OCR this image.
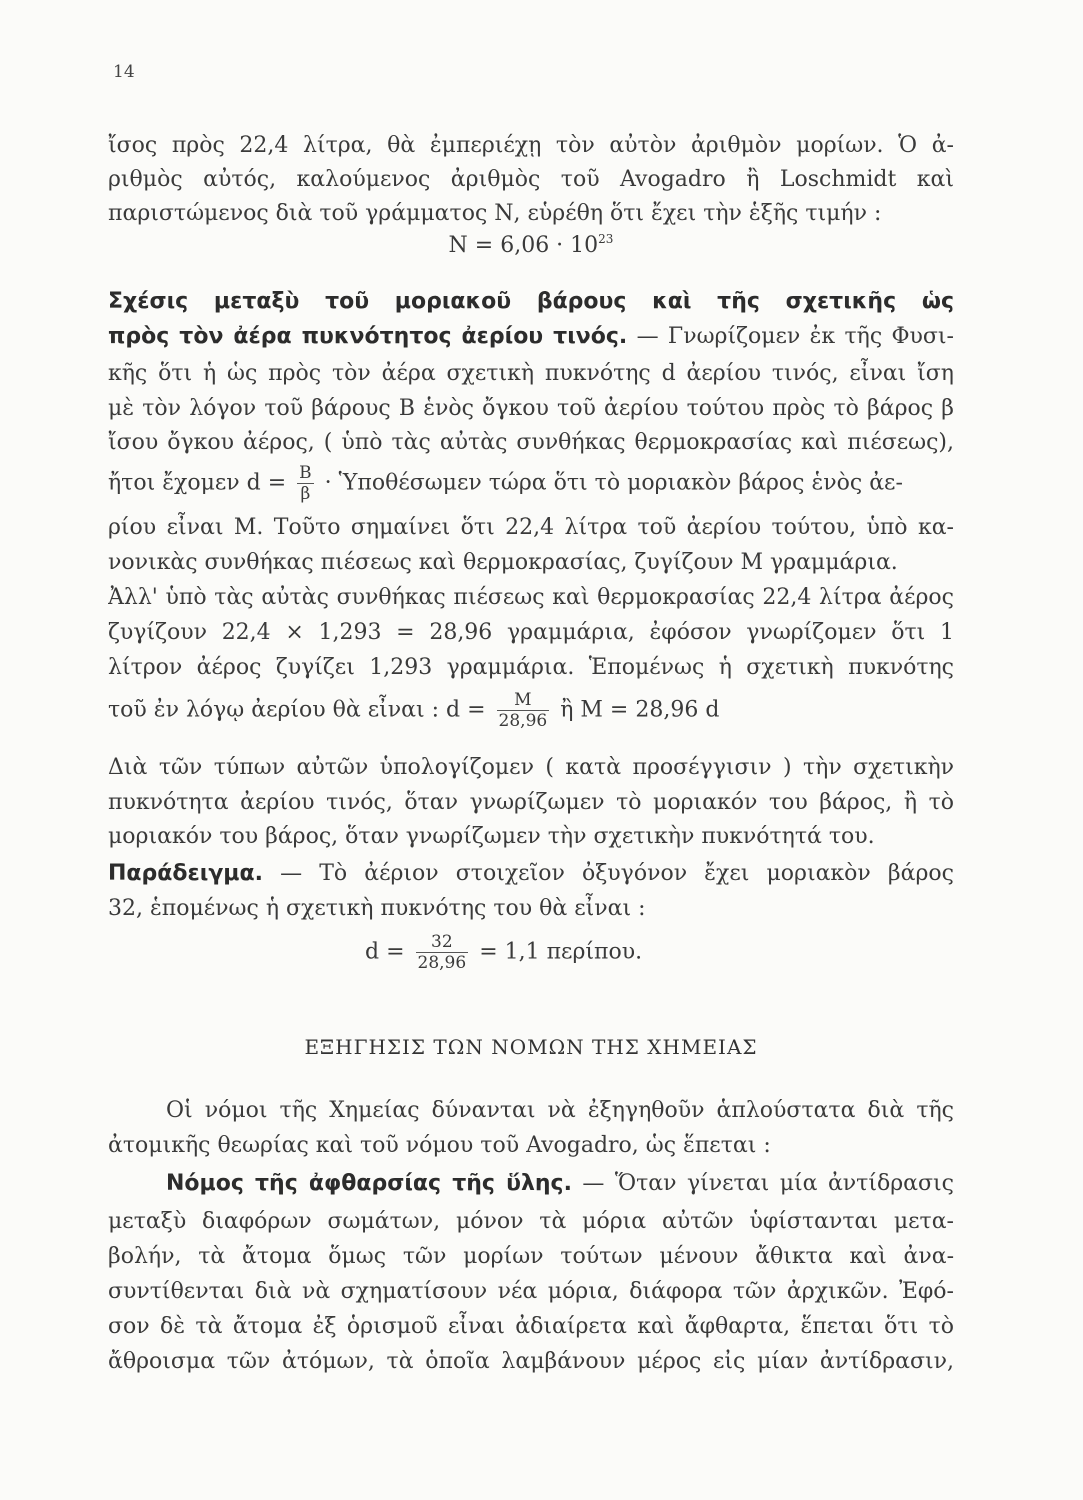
14
ἴσος πρὸς 22,4 λίτρα, θὰ ἐμπεριέχῃ τὸν αὐτὸν ἀριθμὸν μορίων. Ὁ ἀ-
ριθμὸς αὐτός, καλούμενος ἀριθμὸς τοῦ Avogadro ἢ Loschmidt καὶ
παριστώμενος διὰ τοῦ γράμματος Ν, εὑρέθη ὅτι ἔχει τὴν ἑξῆς τιμήν :
$N = 6,06 \cdot 10^{23}$
Σχέσις μεταξὺ τοῦ μοριακοῦ βάρους καὶ τῆς σχετικῆς ὡς
πρὸς τὸν ἀέρα πυκνότητος ἀερίου τινός. — Γνωρίζομεν ἐκ τῆς Φυσι-
κῆς ὅτι ἡ ὡς πρὸς τὸν ἀέρα σχετικὴ πυκνότης d ἀερίου τινός, εἶναι ἴση
μὲ τὸν λόγον τοῦ βάρους Β ἑνὸς ὄγκου τοῦ ἀερίου τούτου πρὸς τὸ βάρος β
ἴσου ὄγκου ἀέρος, ( ὑπὸ τὰς αὐτὰς συνθήκας θερμοκρασίας καὶ πιέσεως),
ἤτοι ἔχομεν $d = \frac{B}{\beta}$ · Ὑποθέσωμεν τώρα ὅτι τὸ μοριακὸν βάρος ἑνὸς ἀε-
ρίου εἶναι Μ. Τοῦτο σημαίνει ὅτι 22,4 λίτρα τοῦ ἀερίου τούτου, ὑπὸ κα-
νονικὰς συνθήκας πιέσεως καὶ θερμοκρασίας, ζυγίζουν Μ γραμμάρια.
Ἀλλ' ὑπὸ τὰς αὐτὰς συνθήκας πιέσεως καὶ θερμοκρασίας 22,4 λίτρα ἀέρος
ζυγίζουν 22,4 × 1,293 = 28,96 γραμμάρια, ἐφόσον γνωρίζομεν ὅτι 1
λίτρον ἀέρος ζυγίζει 1,293 γραμμάρια. Ἑπομένως ἡ σχετικὴ πυκνότης
τοῦ ἐν λόγῳ ἀερίου θὰ εἶναι : $d = \frac{M}{28,96}$ ἢ Μ = 28,96 d
Διὰ τῶν τύπων αὐτῶν ὑπολογίζομεν ( κατὰ προσέγγισιν ) τὴν σχετικὴν
πυκνότητα ἀερίου τινός, ὅταν γνωρίζωμεν τὸ μοριακόν του βάρος, ἢ τὸ
μοριακόν του βάρος, ὅταν γνωρίζωμεν τὴν σχετικὴν πυκνότητά του.
Παράδειγμα. — Τὸ ἀέριον στοιχεῖον ὀξυγόνον ἔχει μοριακὸν βάρος
32, ἑπομένως ἡ σχετικὴ πυκνότης του θὰ εἶναι :
$d = \frac{32}{28,96} = 1,1$ περίπου.
ΕΞΗΓΗΣΙΣ ΤΩΝ ΝΟΜΩΝ ΤΗΣ ΧΗΜΕΙΑΣ
Οἱ νόμοι τῆς Χημείας δύνανται νὰ ἐξηγηθοῦν ἁπλούστατα διὰ τῆς
ἀτομικῆς θεωρίας καὶ τοῦ νόμου τοῦ Avogadro, ὡς ἕπεται :
Νόμος τῆς ἀφθαρσίας τῆς ὕλης. — Ὅταν γίνεται μία ἀντίδρασις
μεταξὺ διαφόρων σωμάτων, μόνον τὰ μόρια αὐτῶν ὑφίστανται μετα-
βολήν, τὰ ἄτομα ὅμως τῶν μορίων τούτων μένουν ἄθικτα καὶ ἀνα-
συντίθενται διὰ νὰ σχηματίσουν νέα μόρια, διάφορα τῶν ἀρχικῶν. Ἐφό-
σον δὲ τὰ ἄτομα ἐξ ὁρισμοῦ εἶναι ἀδιαίρετα καὶ ἄφθαρτα, ἕπεται ὅτι τὸ
ἄθροισμα τῶν ἀτόμων, τὰ ὁποῖα λαμβάνουν μέρος εἰς μίαν ἀντίδρασιν,
